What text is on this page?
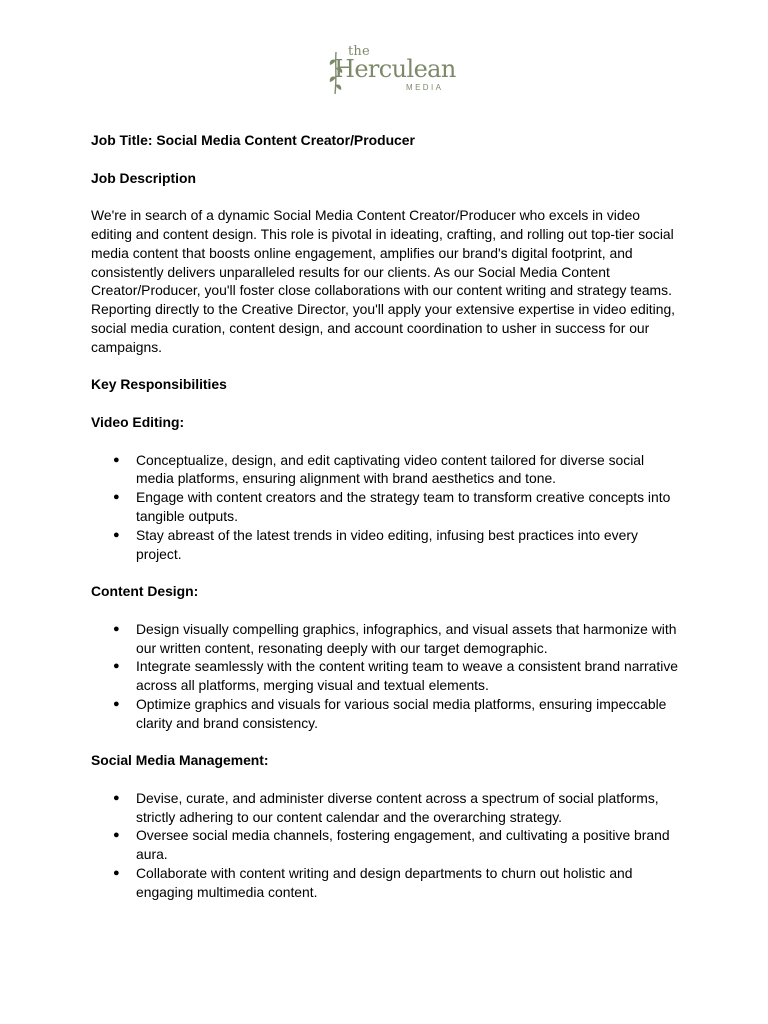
the
Herculean
MEDIA

Job Title: Social Media Content Creator/Producer

Job Description

We're in search of a dynamic Social Media Content Creator/Producer who excels in video editing and content design. This role is pivotal in ideating, crafting, and rolling out top-tier social media content that boosts online engagement, amplifies our brand's digital footprint, and consistently delivers unparalleled results for our clients. As our Social Media Content Creator/Producer, you'll foster close collaborations with our content writing and strategy teams. Reporting directly to the Creative Director, you'll apply your extensive expertise in video editing, social media curation, content design, and account coordination to usher in success for our campaigns.

Key Responsibilities

Video Editing:

● Conceptualize, design, and edit captivating video content tailored for diverse social media platforms, ensuring alignment with brand aesthetics and tone.
● Engage with content creators and the strategy team to transform creative concepts into tangible outputs.
● Stay abreast of the latest trends in video editing, infusing best practices into every project.

Content Design:

● Design visually compelling graphics, infographics, and visual assets that harmonize with our written content, resonating deeply with our target demographic.
● Integrate seamlessly with the content writing team to weave a consistent brand narrative across all platforms, merging visual and textual elements.
● Optimize graphics and visuals for various social media platforms, ensuring impeccable clarity and brand consistency.

Social Media Management:

● Devise, curate, and administer diverse content across a spectrum of social platforms, strictly adhering to our content calendar and the overarching strategy.
● Oversee social media channels, fostering engagement, and cultivating a positive brand aura.
● Collaborate with content writing and design departments to churn out holistic and engaging multimedia content.
